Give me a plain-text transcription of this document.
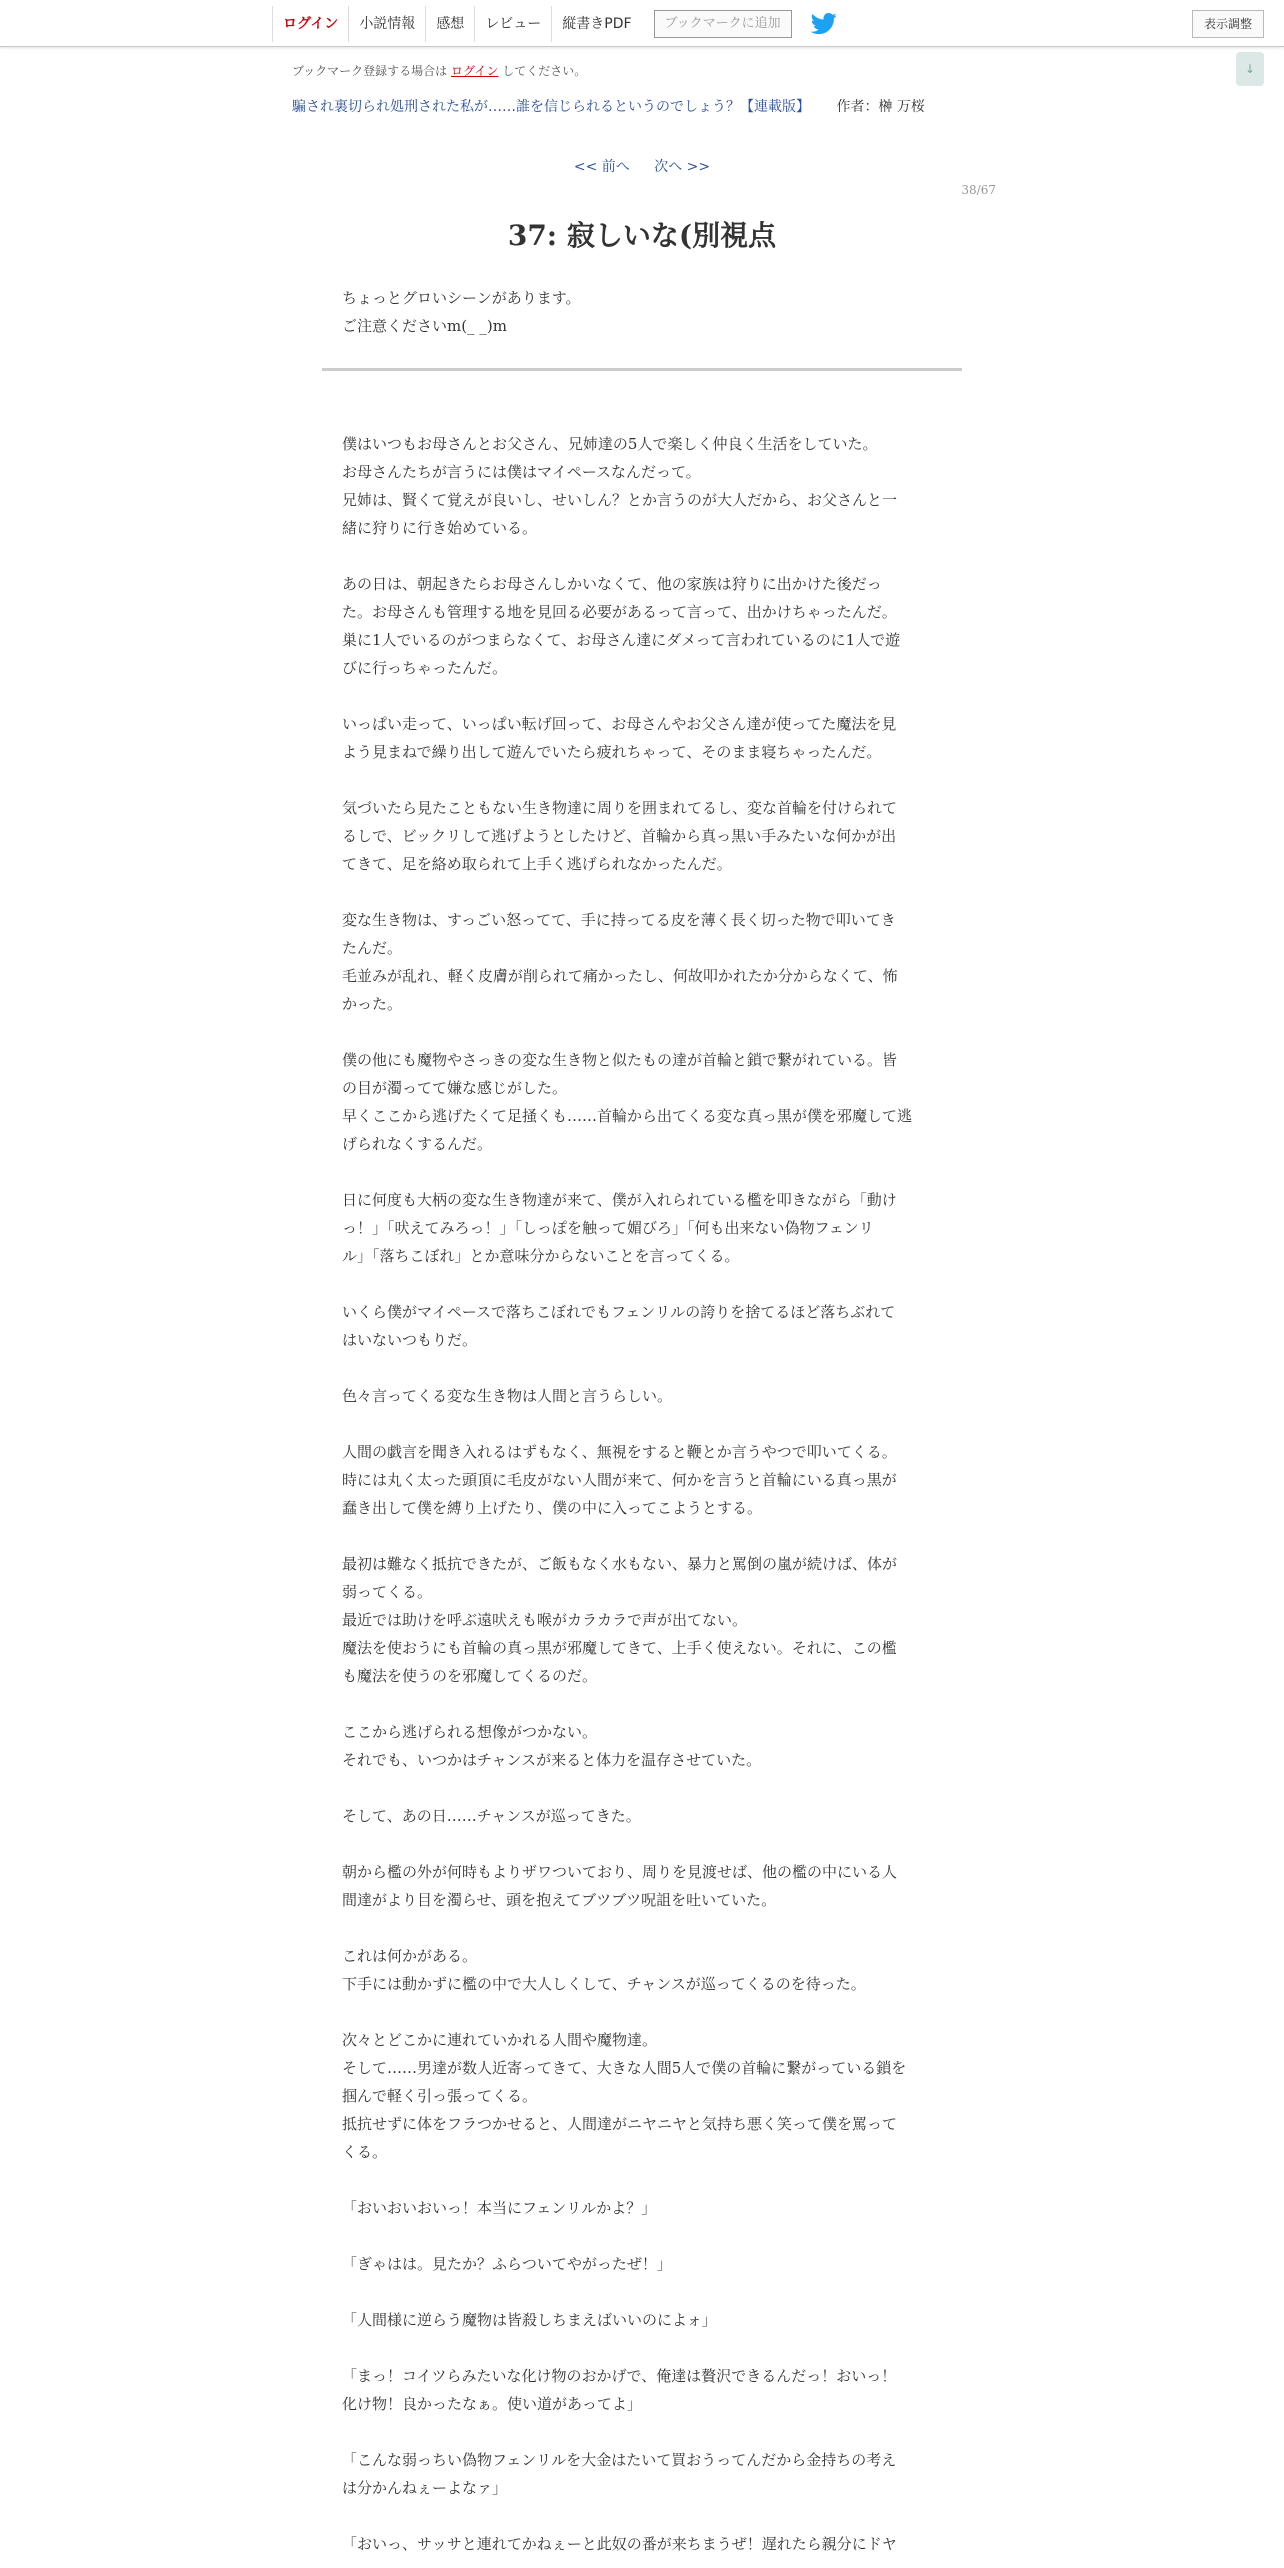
ログイン	小説情報	感想	レビュー	縦書きPDF	ブックマークに追加	表示調整
ブックマーク登録する場合は ログイン してください。	↓
騙され裏切られ処刑された私が……誰を信じられるというのでしょう？【連載版】 作者：榊 万桜
<< 前へ 次へ >>
38/67
37: 寂しいな(別視点

ちょっとグロいシーンがあります。

ご注意くださいm(_ _)m

僕はいつもお母さんとお父さん、兄姉達の5人で楽しく仲良く生活をしていた。

お母さんたちが言うには僕はマイペースなんだって。

兄姉は、賢くて覚えが良いし、せいしん？とか言うのが大人だから、お父さんと一

緒に狩りに行き始めている。

あの日は、朝起きたらお母さんしかいなくて、他の家族は狩りに出かけた後だっ

た。お母さんも管理する地を見回る必要があるって言って、出かけちゃったんだ。

巣に1人でいるのがつまらなくて、お母さん達にダメって言われているのに1人で遊

びに行っちゃったんだ。

いっぱい走って、いっぱい転げ回って、お母さんやお父さん達が使ってた魔法を見

よう見まねで繰り出して遊んでいたら疲れちゃって、そのまま寝ちゃったんだ。

気づいたら見たこともない生き物達に周りを囲まれてるし、変な首輪を付けられて

るしで、ビックリして逃げようとしたけど、首輪から真っ黒い手みたいな何かが出

てきて、足を絡め取られて上手く逃げられなかったんだ。

変な生き物は、すっごい怒ってて、手に持ってる皮を薄く長く切った物で叩いてき

たんだ。

毛並みが乱れ、軽く皮膚が削られて痛かったし、何故叩かれたか分からなくて、怖

かった。

僕の他にも魔物やさっきの変な生き物と似たもの達が首輪と鎖で繋がれている。皆

の目が濁ってて嫌な感じがした。

早くここから逃げたくて足掻くも……首輪から出てくる変な真っ黒が僕を邪魔して逃

げられなくするんだ。

日に何度も大柄の変な生き物達が来て、僕が入れられている檻を叩きながら「動け

っ！」「吠えてみろっ！」「しっぽを触って媚びろ」「何も出来ない偽物フェンリ

ル」「落ちこぼれ」とか意味分からないことを言ってくる。

いくら僕がマイペースで落ちこぼれでもフェンリルの誇りを捨てるほど落ちぶれて

はいないつもりだ。

色々言ってくる変な生き物は人間と言うらしい。

人間の戯言を聞き入れるはずもなく、無視をすると鞭とか言うやつで叩いてくる。

時には丸く太った頭頂に毛皮がない人間が来て、何かを言うと首輪にいる真っ黒が

蠢き出して僕を縛り上げたり、僕の中に入ってこようとする。

最初は難なく抵抗できたが、ご飯もなく水もない、暴力と罵倒の嵐が続けば、体が

弱ってくる。

最近では助けを呼ぶ遠吠えも喉がカラカラで声が出てない。

魔法を使おうにも首輪の真っ黒が邪魔してきて、上手く使えない。それに、この檻

も魔法を使うのを邪魔してくるのだ。

ここから逃げられる想像がつかない。

それでも、いつかはチャンスが来ると体力を温存させていた。

そして、あの日……チャンスが巡ってきた。

朝から檻の外が何時もよりザワついており、周りを見渡せば、他の檻の中にいる人

間達がより目を濁らせ、頭を抱えてブツブツ呪詛を吐いていた。

これは何かがある。

下手には動かずに檻の中で大人しくして、チャンスが巡ってくるのを待った。

次々とどこかに連れていかれる人間や魔物達。

そして……男達が数人近寄ってきて、大きな人間5人で僕の首輪に繋がっている鎖を

掴んで軽く引っ張ってくる。

抵抗せずに体をフラつかせると、人間達がニヤニヤと気持ち悪く笑って僕を罵って

くる。

「おいおいおいっ！本当にフェンリルかよ？」

「ぎゃはは。見たか？ふらついてやがったぜ！」

「人間様に逆らう魔物は皆殺しちまえばいいのによォ」

「まっ！コイツらみたいな化け物のおかげで、俺達は贅沢できるんだっ！おいっ！

化け物！良かったなぁ。使い道があってよ」

「こんな弱っちい偽物フェンリルを大金はたいて買おうってんだから金持ちの考え

は分かんねぇーよなァ」

「おいっ、サッサと連れてかねぇーと此奴の番が来ちまうぜ！遅れたら親分にドヤ
